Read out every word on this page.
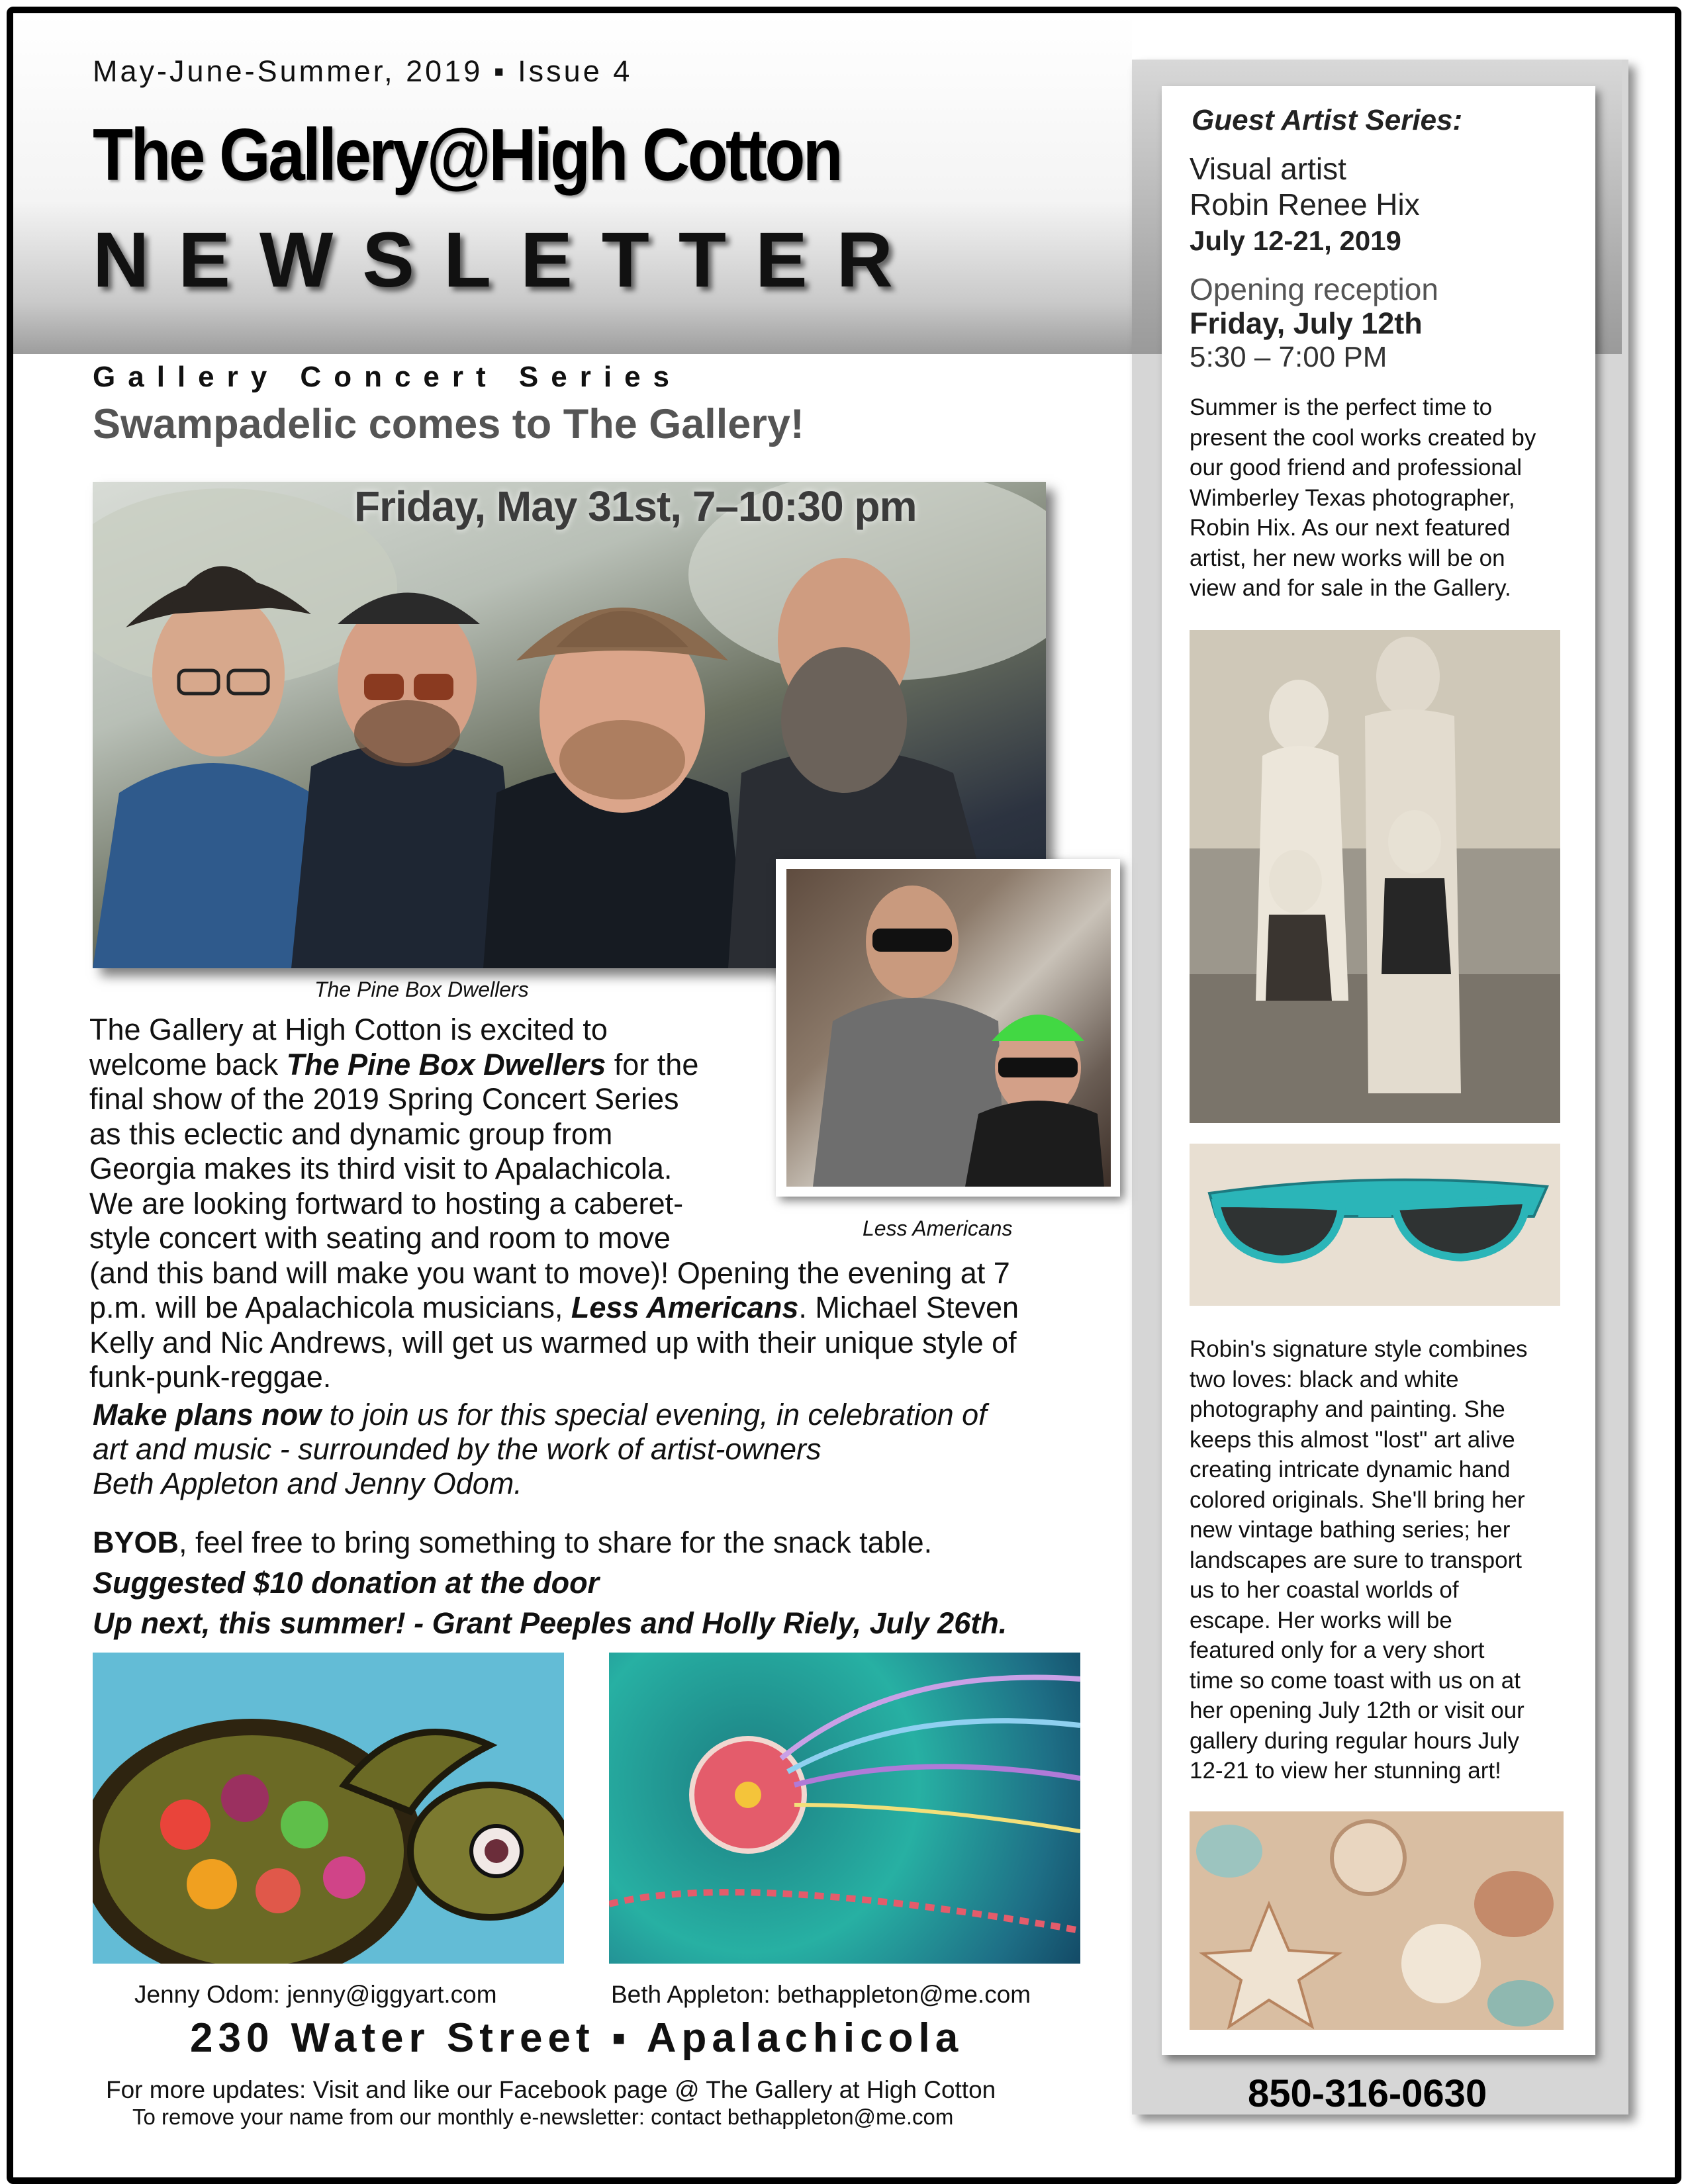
May-June-Summer, 2019 ▪ Issue 4
The Gallery@High Cotton
NEWSLETTER
Gallery Concert Series
Swampadelic comes to The Gallery!
Friday, May 31st, 7–10:30 pm
The Pine Box Dwellers
Less Americans
The Gallery at High Cotton is excited to
welcome back The Pine Box Dwellers for the
final show of the 2019 Spring Concert Series
as this eclectic and dynamic group from
Georgia makes its third visit to Apalachicola.
We are looking fortward to hosting a caberet-
style concert with seating and room to move
(and this band will make you want to move)! Opening the evening at 7
p.m. will be Apalachicola musicians, Less Americans. Michael Steven
Kelly and Nic Andrews, will get us warmed up with their unique style of
funk-punk-reggae.
Make plans now to join us for this special evening, in celebration of
art and music - surrounded by the work of artist-owners
Beth Appleton and Jenny Odom.
BYOB, feel free to bring something to share for the snack table.
Suggested $10 donation at the door
Up next, this summer! - Grant Peeples and Holly Riely, July 26th.
Jenny Odom: jenny@iggyart.com	Beth Appleton: bethappleton@me.com
230 Water Street ▪ Apalachicola
For more updates: Visit and like our Facebook page @ The Gallery at High Cotton
To remove your name from our monthly e-newsletter: contact bethappleton@me.com
850-316-0630
Guest Artist Series:
Visual artist
Robin Renee Hix
July 12-21, 2019
Opening reception
Friday, July 12th
5:30 – 7:00 PM
Summer is the perfect time to
present the cool works created by
our good friend and professional
Wimberley Texas photographer,
Robin Hix. As our next featured
artist, her new works will be on
view and for sale in the Gallery.
Robin's signature style combines
two loves: black and white
photography and painting. She
keeps this almost "lost" art alive
creating intricate dynamic hand
colored originals. She'll bring her
new vintage bathing series; her
landscapes are sure to transport
us to her coastal worlds of
escape. Her works will be
featured only for a very short
time so come toast with us on at
her opening July 12th or visit our
gallery during regular hours July
12-21 to view her stunning art!
